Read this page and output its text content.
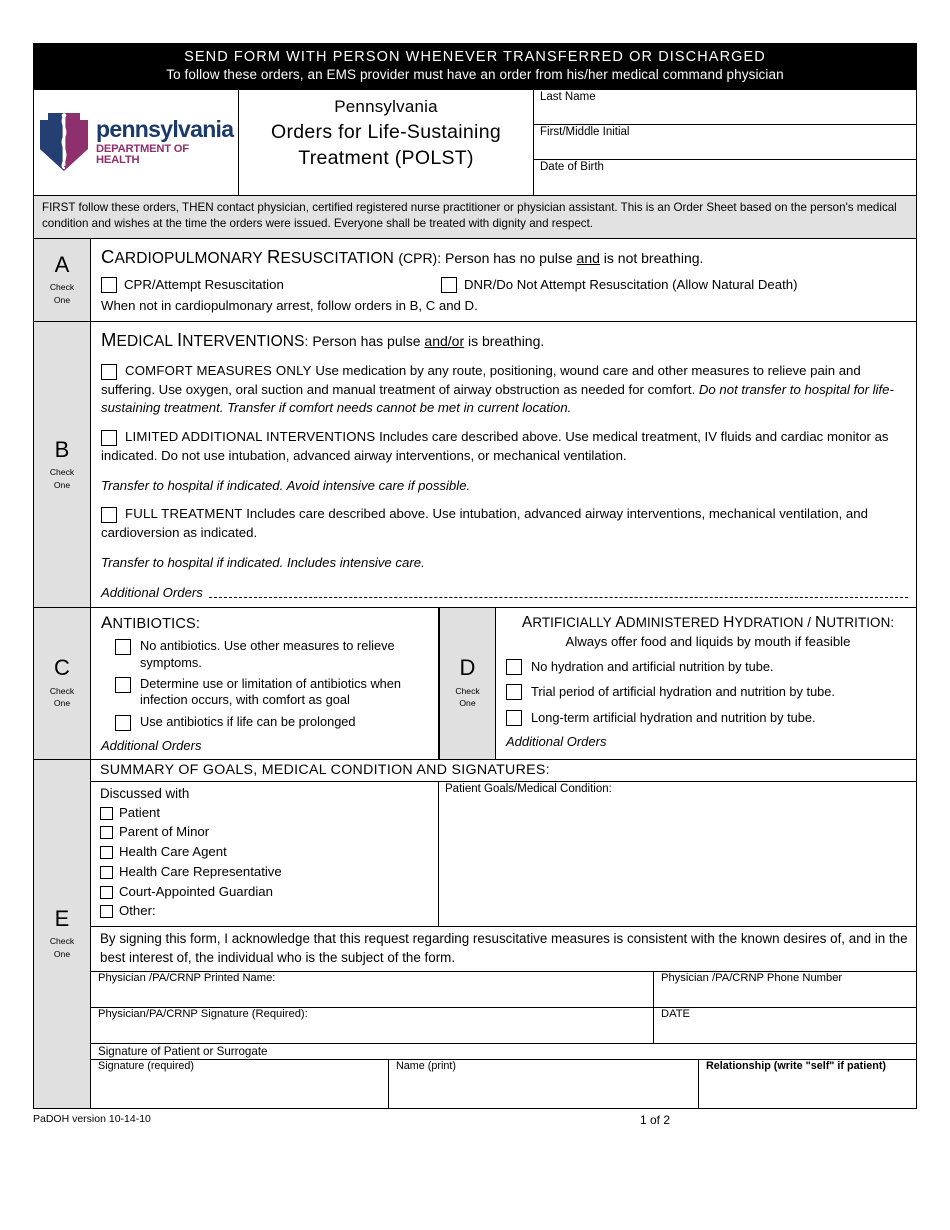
SEND FORM WITH PERSON WHENEVER TRANSFERRED OR DISCHARGED
To follow these orders, an EMS provider must have an order from his/her medical command physician
pennsylvania
DEPARTMENT OF HEALTH
Pennsylvania
Orders for Life-Sustaining
Treatment (POLST)
Last Name
First/Middle Initial
Date of Birth
FIRST follow these orders, THEN contact physician, certified registered nurse practitioner or physician assistant. This is an Order Sheet based on the person's medical condition and wishes at the time the orders were issued. Everyone shall be treated with dignity and respect.
A
Check
One
CARDIOPULMONARY RESUSCITATION (CPR): Person has no pulse and is not breathing.
CPR/Attempt Resuscitation	DNR/Do Not Attempt Resuscitation (Allow Natural Death)
When not in cardiopulmonary arrest, follow orders in B, C and D.
B
Check
One
MEDICAL INTERVENTIONS: Person has pulse and/or is breathing.
COMFORT MEASURES ONLY Use medication by any route, positioning, wound care and other measures to relieve pain and suffering. Use oxygen, oral suction and manual treatment of airway obstruction as needed for comfort. Do not transfer to hospital for life-sustaining treatment. Transfer if comfort needs cannot be met in current location.
LIMITED ADDITIONAL INTERVENTIONS Includes care described above. Use medical treatment, IV fluids and cardiac monitor as indicated. Do not use intubation, advanced airway interventions, or mechanical ventilation.
Transfer to hospital if indicated. Avoid intensive care if possible.
FULL TREATMENT Includes care described above. Use intubation, advanced airway interventions, mechanical ventilation, and cardioversion as indicated.
Transfer to hospital if indicated. Includes intensive care.
Additional Orders
C
Check
One
ANTIBIOTICS:
No antibiotics. Use other measures to relieve symptoms.
Determine use or limitation of antibiotics when infection occurs, with comfort as goal
Use antibiotics if life can be prolonged
Additional Orders
D
Check
One
ARTIFICIALLY ADMINISTERED HYDRATION / NUTRITION:
Always offer food and liquids by mouth if feasible
No hydration and artificial nutrition by tube.
Trial period of artificial hydration and nutrition by tube.
Long-term artificial hydration and nutrition by tube.
Additional Orders
E
Check
One
SUMMARY OF GOALS, MEDICAL CONDITION AND SIGNATURES:
Discussed with
Patient
Parent of Minor
Health Care Agent
Health Care Representative
Court-Appointed Guardian
Other:
Patient Goals/Medical Condition:
By signing this form, I acknowledge that this request regarding resuscitative measures is consistent with the known desires of, and in the best interest of, the individual who is the subject of the form.
Physician /PA/CRNP Printed Name:	Physician /PA/CRNP Phone Number
Physician/PA/CRNP Signature (Required):	DATE
Signature of Patient or Surrogate
Signature (required)	Name (print)	Relationship (write "self" if patient)
PaDOH version 10-14-10	1 of 2
